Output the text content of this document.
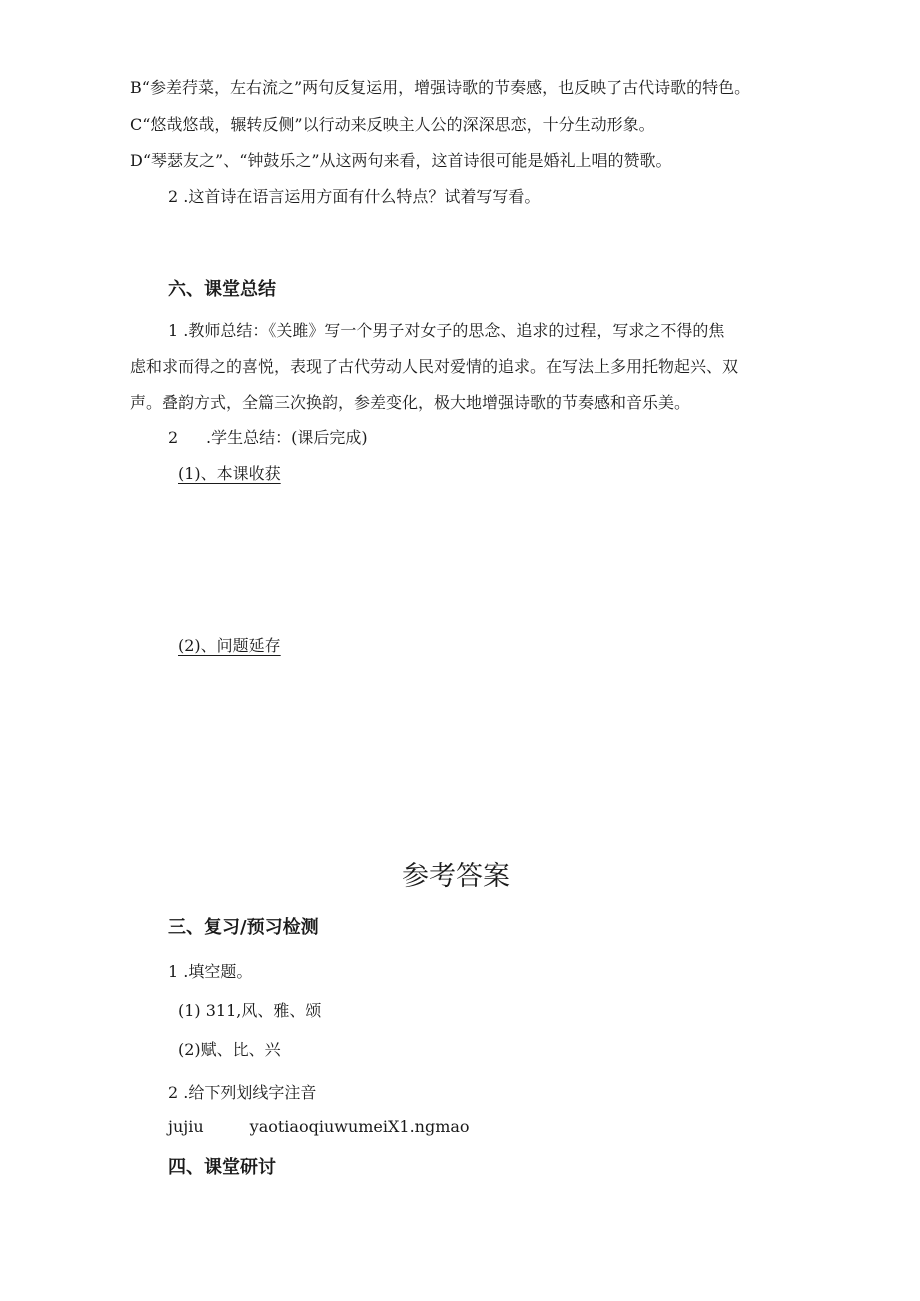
B“参差荇菜，左右流之”两句反复运用，增强诗歌的节奏感，也反映了古代诗歌的特色。
C“悠哉悠哉，辗转反侧”以行动来反映主人公的深深思恋，十分生动形象。
D“琴瑟友之”、“钟鼓乐之”从这两句来看，这首诗很可能是婚礼上唱的赞歌。
2 .这首诗在语言运用方面有什么特点？试着写写看。
六、课堂总结
1 .教师总结：《关雎》写一个男子对女子的思念、追求的过程，写求之不得的焦
虑和求而得之的喜悦，表现了古代劳动人民对爱情的追求。在写法上多用托物起兴、双
声。叠韵方式，全篇三次换韵，参差变化，极大地增强诗歌的节奏感和音乐美。
2 .学生总结：(课后完成)
(1)、本课收获
(2)、问题延存
参考答案
三、复习/预习检测
1 .填空题。
(1) 311,风、雅、颂
(2)赋、比、兴
2 .给下列划线字注音
jujiu	yaotiaoqiuwumeiX1.ngmao
四、课堂研讨
